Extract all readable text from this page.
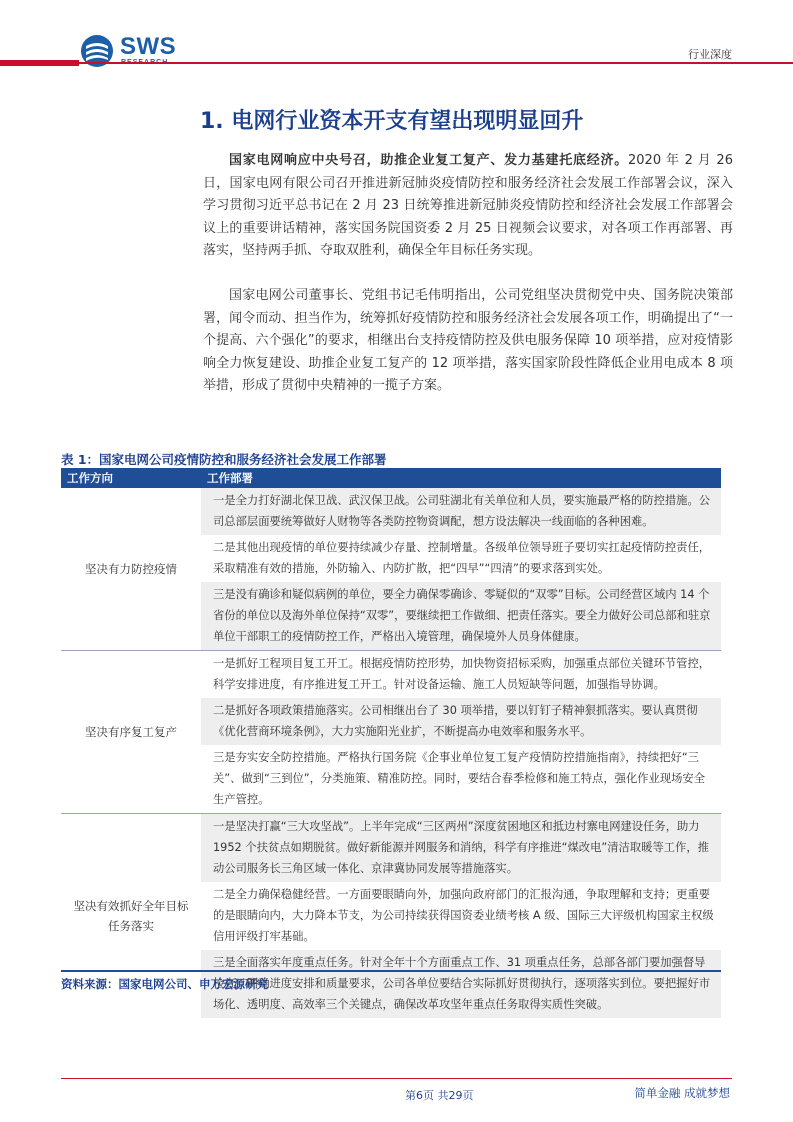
SWS	行业深度
1. 电网行业资本开支有望出现明显回升
国家电网响应中央号召，助推企业复工复产、发力基建托底经济。2020 年 2 月 26 日，国家电网有限公司召开推进新冠肺炎疫情防控和服务经济社会发展工作部署会议，深入学习贯彻习近平总书记在 2 月 23 日统筹推进新冠肺炎疫情防控和经济社会发展工作部署会议上的重要讲话精神，落实国务院国资委 2 月 25 日视频会议要求，对各项工作再部署、再落实，坚持两手抓、夺取双胜利，确保全年目标任务实现。
国家电网公司董事长、党组书记毛伟明指出，公司党组坚决贯彻党中央、国务院决策部署，闻令而动、担当作为，统筹抓好疫情防控和服务经济社会发展各项工作，明确提出了“一个提高、六个强化”的要求，相继出台支持疫情防控及供电服务保障 10 项举措，应对疫情影响全力恢复建设、助推企业复工复产的 12 项举措，落实国家阶段性降低企业用电成本 8 项举措，形成了贯彻中央精神的一揽子方案。
表 1：国家电网公司疫情防控和服务经济社会发展工作部署
工作方向	工作部署
坚决有力防控疫情	一是全力打好湖北保卫战、武汉保卫战。公司驻湖北有关单位和人员，要实施最严格的防控措施。公司总部层面要统筹做好人财物等各类防控物资调配，想方设法解决一线面临的各种困难。
	二是其他出现疫情的单位要持续减少存量、控制增量。各级单位领导班子要切实扛起疫情防控责任，采取精准有效的措施，外防输入、内防扩散，把“四早”“四清”的要求落到实处。
	三是没有确诊和疑似病例的单位，要全力确保零确诊、零疑似的“双零”目标。公司经营区域内 14 个省份的单位以及海外单位保持“双零”，要继续把工作做细、把责任落实。要全力做好公司总部和驻京单位干部职工的疫情防控工作，严格出入境管理，确保境外人员身体健康。
坚决有序复工复产	一是抓好工程项目复工开工。根据疫情防控形势，加快物资招标采购，加强重点部位关键环节管控，科学安排进度，有序推进复工开工。针对设备运输、施工人员短缺等问题，加强指导协调。
	二是抓好各项政策措施落实。公司相继出台了 30 项举措，要以钉钉子精神狠抓落实。要认真贯彻《优化营商环境条例》，大力实施阳光业扩，不断提高办电效率和服务水平。
	三是夯实安全防控措施。严格执行国务院《企事业单位复工复产疫情防控措施指南》，持续把好“三关”、做到“三到位”，分类施策、精准防控。同时，要结合春季检修和施工特点，强化作业现场安全生产管控。
坚决有效抓好全年目标任务落实	一是坚决打赢“三大攻坚战”。上半年完成“三区两州”深度贫困地区和抵边村寨电网建设任务，助力 1952 个扶贫点如期脱贫。做好新能源并网服务和消纳，科学有序推进“煤改电”清洁取暖等工作，推动公司服务长三角区域一体化、京津冀协同发展等措施落实。
	二是全力确保稳健经营。一方面要眼睛向外，加强向政府部门的汇报沟通，争取理解和支持；更重要的是眼睛向内，大力降本节支，为公司持续获得国资委业绩考核 A 级、国际三大评级机构国家主权级信用评级打牢基础。
	三是全面落实年度重点任务。针对全年十个方面重点工作、31 项重点任务，总部各部门要加强督导检查，明确进度安排和质量要求，公司各单位要结合实际抓好贯彻执行，逐项落实到位。要把握好市场化、透明度、高效率三个关键点，确保改革攻坚年重点任务取得实质性突破。
资料来源：国家电网公司、申万宏源研究
第6页 共29页	简单金融 成就梦想
